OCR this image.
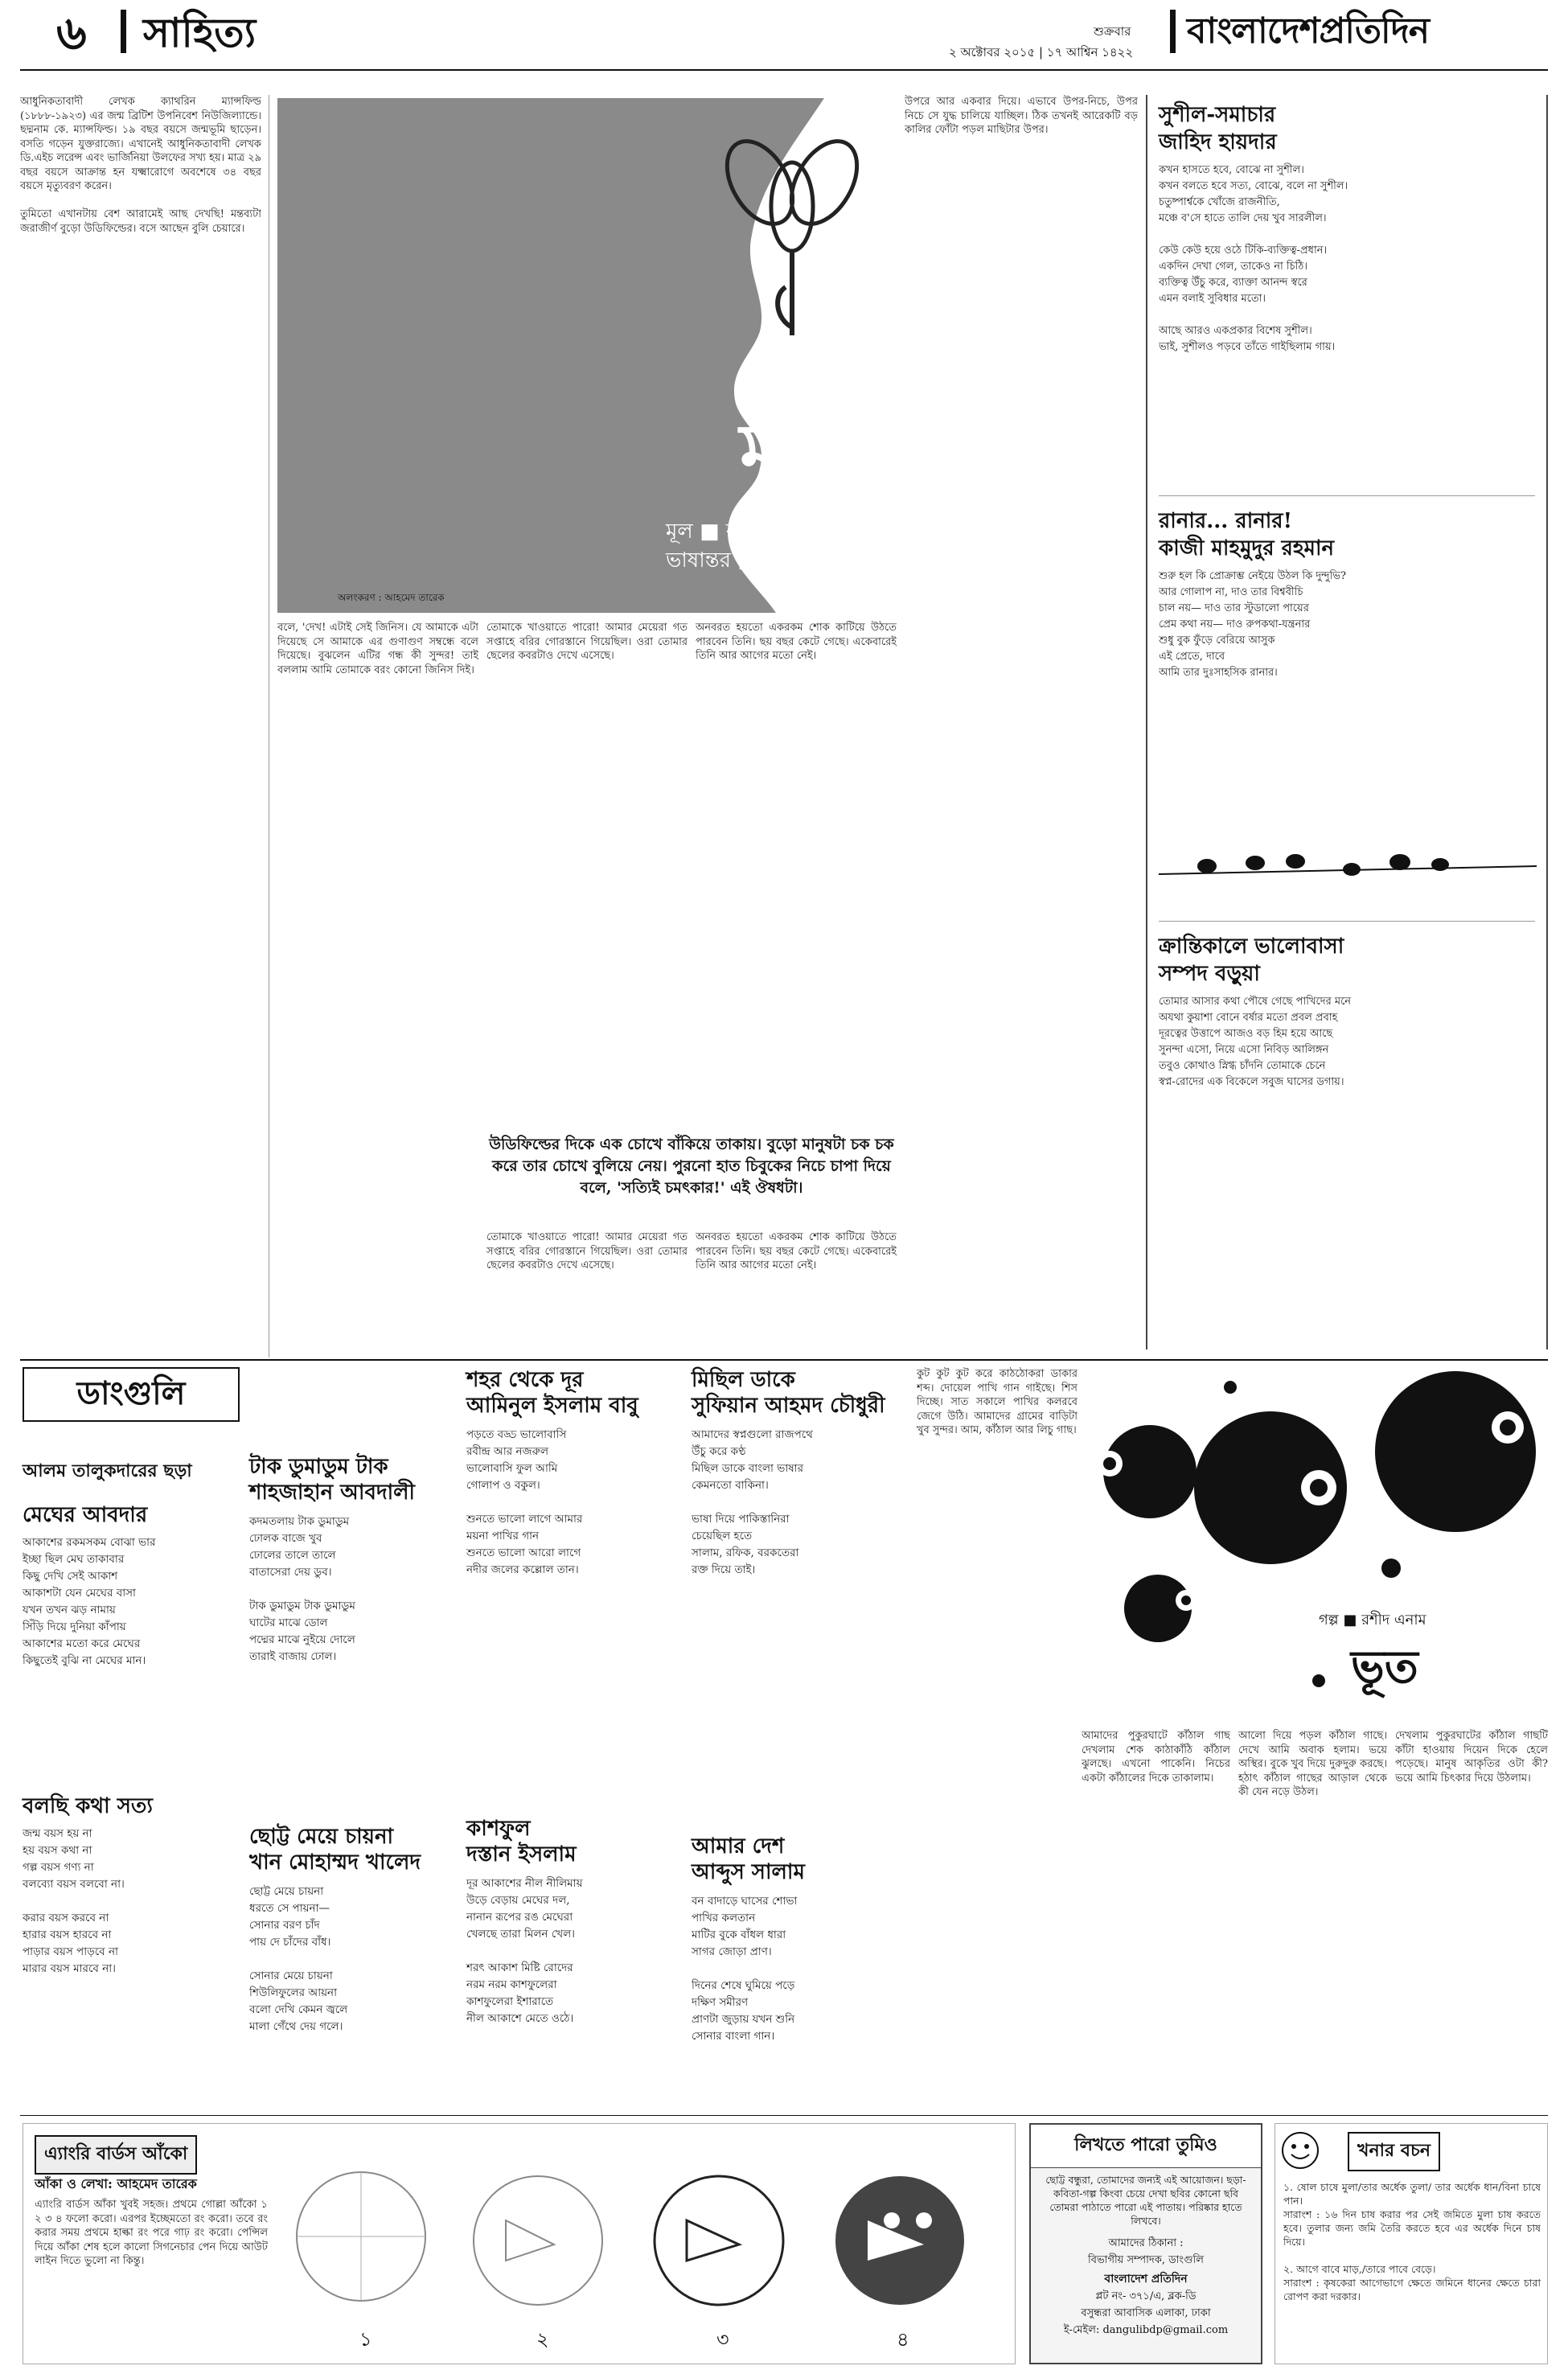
৬ সাহিত্য	শুক্রবার
২ অক্টোবর ২০১৫ | ১৭ আশ্বিন ১৪২২
বাংলাদেশপ্রতিদিন
আধুনিকতাবাদী লেখক ক্যাথরিন ম্যান্সফিল্ড (১৮৮৮-১৯২৩) এর জন্ম ব্রিটিশ উপনিবেশ নিউজিল্যান্ডে। ছদ্মনাম কে. ম্যান্সফিল্ড। ১৯ বছর বয়সে জন্মভূমি ছাড়েন। বসতি গড়েন যুক্তরাজ্যে। এখানেই আধুনিকতাবাদী লেখক ডি.এইচ লরেন্স এবং ভার্জিনিয়া উলফের সখ্য হয়। মাত্র ২৯ বছর বয়সে আক্রান্ত হন যক্ষ্মারোগে অবশেষে ৩৪ বছর বয়সে মৃত্যুবরণ করেন।

তুমিতো এখানটায় বেশ আরামেই আছ দেখছি! মন্তব্যটা জরাজীর্ণ বুড়ো উডিফিল্ডের। বসে আছেন বুলি চেয়ারে।
মাছি
মূল ■ ক্যাথরিন ম্যান্সফিল্ড
ভাষান্তর ■ নেয়ামত উল্যাহ ভূইয়া
অলংকরণ : আহমেদ তারেক
বলে, 'দেখ! এটাই সেই জিনিস। যে আমাকে এটা দিয়েছে সে আমাকে এর গুণাগুণ সম্বন্ধে বলে দিয়েছে। বুঝলেন এটির গন্ধ কী সুন্দর! তাই বললাম আমি তোমাকে বরং কোনো জিনিস দিই।
তোমাকে খাওয়াতে পারো! আমার মেয়েরা গত সপ্তাহে বরির গোরস্তানে গিয়েছিল। ওরা তোমার ছেলের কবরটাও দেখে এসেছে।
অনবরত হয়তো একরকম শোক কাটিয়ে উঠতে পারবেন তিনি। ছয় বছর কেটে গেছে। একেবারেই তিনি আর আগের মতো নেই।
উপরে আর একবার দিয়ে। এভাবে উপর-নিচে, উপর নিচে সে যুদ্ধ চালিয়ে যাচ্ছিল। ঠিক তখনই আরেকটি বড় কালির ফোঁটা পড়ল মাছিটার উপর।
উডিফিল্ডের দিকে এক চোখে বাঁকিয়ে তাকায়। বুড়ো মানুষটা চক চক করে তার চোখে বুলিয়ে নেয়। পুরনো হাত চিবুকের নিচে চাপা দিয়ে বলে, 'সত্যিই চমৎকার!' এই ঔষধটা।
তোমাকে খাওয়াতে পারো! আমার মেয়েরা গত সপ্তাহে বরির গোরস্তানে গিয়েছিল। ওরা তোমার ছেলের কবরটাও দেখে এসেছে।
অনবরত হয়তো একরকম শোক কাটিয়ে উঠতে পারবেন তিনি। ছয় বছর কেটে গেছে। একেবারেই তিনি আর আগের মতো নেই।
সুশীল-সমাচার
জাহিদ হায়দার
কখন হাসতে হবে, বোঝে না সুশীল।
কখন বলতে হবে সত্য, বোঝে, বলে না সুশীল।
চতুষ্পার্শ্বকে খোঁজে রাজনীতি,
মঞ্চে ব'সে হাতে তালি দেয় খুব সারলীল।

কেউ কেউ হয়ে ওঠে টিকি-ব্যক্তিত্ব-প্রধান।
একদিন দেখা গেল, তাকেও না চিঠি।
ব্যক্তিত্ব উঁচু করে, ব্যাক্তা আনন্দ স্বরে
এমন বলাই সুবিধার মতো।

আছে আরও একপ্রকার বিশেষ সুশীল।
ভাই, সুশীলও পড়বে তাঁতে গাইছিলাম গায়।
রানার... রানার!
কাজী মাহমুদুর রহমান
শুরু হল কি প্রোক্রাম্ভ নেইয়ে উঠল কি দুন্দুভি?
আর গোলাপ না, দাও তার বিশ্ববীচি
চাল নয়— দাও তার স্টুডালো পায়ের
প্রেম কথা নয়— দাও রুপকথা-যন্ত্রনার
শুধু বুক ফুঁড়ে বেরিয়ে আসুক
এই প্রেতে, দাবে
আমি তার দুঃসাহসিক রানার।
ক্রান্তিকালে ভালোবাসা
সম্পদ বড়ুয়া
তোমার আসার কথা পৌষে গেছে পাখিদের মনে
অযথা কুয়াশা বোনে বর্ষার মতো প্রবল প্রবাহ
দূরত্বের উত্তাপে আজও বড় হিম হয়ে আছে
সুনন্দা এসো, নিয়ে এসো নিবিড় আলিঙ্গন
তবুও কোথাও স্নিগ্ধ চাঁদনি তোমাকে চেনে
স্বপ্ন-রোদের এক বিকেলে সবুজ ঘাসের ডগায়।
ডাংগুলি
আলম তালুকদারের ছড়া
মেঘের আবদার
আকাশের রকমসকম বোঝা ভার
ইচ্ছা ছিল মেঘ তাকাবার
কিছু দেখি সেই আকাশ
আকাশটা যেন মেঘের বাসা
যখন তখন ঝড় নামায়
সিঁড়ি দিয়ে দুনিয়া কাঁপায়
আকাশের মতো করে মেঘের
কিছুতেই বুঝি না মেঘের মান।
বলছি কথা সত্য
জন্ম বয়স হয় না
হয় বয়স কথা না
গল্প বয়স গণ্য না
বলব্যো বয়স বলবো না।

করার বয়স করবে না
হারার বয়স হারবে না
পাড়ার বয়স পাড়বে না
মারার বয়স মারবে না।
টাক ডুমাডুম টাক
শাহজাহান আবদালী
কদমতলায় টাক ডুমাডুম
ঢোলক বাজে খুব
ঢোলের তালে তালে
বাতাসেরা দেয় ডুব।

টাক ডুমাডুম টাক ডুমাডুম
ঘাটের মাঝে ডোল
পদ্মের মাঝে নুইয়ে দোলে
তারাই বাজায় ঢোল।
ছোট্ট মেয়ে চায়না
খান মোহাম্মদ খালেদ
ছোট্ট মেয়ে চায়না
ধরতে সে পায়না—
সোনার বরণ চাঁদ
পায় দে চাঁদের বাঁধ।

সোনার মেয়ে চায়না
শিউলিফুলের আয়না
বলো দেখি কেমন জ্বলে
মালা গেঁথে দেয় গলে।
শহর থেকে দূর
আমিনুল ইসলাম বাবু
পড়তে বড্ড ভালোবাসি
রবীন্দ্র আর নজরুল
ভালোবাসি ফুল আমি
গোলাপ ও বকুল।

শুনতে ভালো লাগে আমার
ময়না পাখির গান
শুনতে ভালো আরো লাগে
নদীর জলের কল্লোল তান।
কাশফুল
দস্তান ইসলাম
দূর আকাশের নীল নীলিমায়
উড়ে বেড়ায় মেঘের দল,
নানান রূপের রঙ মেঘেরা
খেলছে তারা মিলন খেল।

শরৎ আকাশ মিষ্টি রোদের
নরম নরম কাশফুলেরা
কাশফুলেরা ইশারাতে
নীল আকাশে মেতে ওঠে।
মিছিল ডাকে
সুফিয়ান আহমদ চৌধুরী
আমাদের স্বপ্নগুলো রাজপথে
উঁচু করে কণ্ঠ
মিছিল ডাকে বাংলা ভাষার
কেমনতো বাকিনা।

ভাষা দিয়ে পাকিস্তানিরা
চেয়েছিল হতে
সালাম, রফিক, বরকতেরা
রক্ত দিয়ে তাই।
আমার দেশ
আব্দুস সালাম
বন বাদাড়ে ঘাসের শোভা
পাখির কলতান
মাটির বুকে বাঁধল ধারা
সাগর জোড়া প্রাণ।

দিনের শেষে ঘুমিয়ে পড়ে
দক্ষিণ সমীরণ
প্রাণটা জুড়ায় যখন শুনি
সোনার বাংলা গান।
কুট কুট কুট করে কাঠঠোকরা ডাকার শব্দ। দোয়েল পাখি গান গাইছে। শিস দিচ্ছে। সাত সকালে পাখির কলরবে জেগে উঠি। আমাদের গ্রামের বাড়িটা খুব সুন্দর। আম, কাঁঠাল আর লিচু গাছ।
গল্প ■ রশীদ এনাম
ভূত
আমাদের পুকুরঘাটে কাঁঠাল গাছ দেখলাম শেক কাঠাকাঁঠি কাঁঠাল ঝুলছে। এখনো পাকেনি। নিচের একটা কাঁঠালের দিকে তাকালাম।
আলো দিয়ে পড়ল কাঁঠাল গাছে। দেখে আমি অবাক হলাম। ভয়ে অস্থির। বুকে খুব দিয়ে দুরুদুরু করছে। হঠাৎ কাঁঠাল গাছের আড়াল থেকে কী যেন নড়ে উঠল।
দেখলাম পুকুরঘাটের কাঁঠাল গাছটি কাঁটা হাওয়ায় দিয়েন দিকে হেলে পড়েছে। মানুষ আকৃতির ওটা কী? ভয়ে আমি চিৎকার দিয়ে উঠলাম।
এ্যাংরি বার্ডস আঁকো
আঁকা ও লেখা: আহমেদ তারেক
এ্যাংরি বার্ডস আঁকা খুবই সহজ। প্রথমে গোল্লা আঁকো ১ ২ ৩ ৪ ফলো করো। এরপর ইচ্ছেমতো রং করো। তবে রং করার সময় প্রথমে হাল্কা রং পরে গাঢ় রং করো। পেন্সিল দিয়ে আঁকা শেষ হলে কালো সিগনেচার পেন দিয়ে আউট লাইন দিতে ভুলো না কিন্তু।
১	২	৩	৪
লিখতে পারো তুমিও
ছোট্ট বন্ধুরা, তোমাদের জন্যই এই আয়োজন। ছড়া-কবিতা-গল্প কিংবা চেয়ে দেখা ছবির কোনো ছবি তোমরা পাঠাতে পারো এই পাতায়। পরিষ্কার হাতে লিখবে।
আমাদের ঠিকানা :
বিভাগীয় সম্পাদক, ডাংগুলি
বাংলাদেশ প্রতিদিন
প্লট নং- ৩৭১/এ, ব্লক-ডি
বসুন্ধরা আবাসিক এলাকা, ঢাকা
ই-মেইল: dangulibdp@gmail.com
খনার বচন
১. ষোল চাষে মুলা/তার অর্ধেক তুলা/ তার অর্ধেক ধান/বিনা চাষে পান।
সারাংশ : ১৬ দিন চাষ করার পর সেই জমিতে মুলা চাষ করতে হবে। তুলার জন্য জমি তৈরি করতে হবে এর অর্ধেক দিনে চাষ দিয়ে।

২. আগে বাবে মাড়,/তারে পাবে বেড়ে।
সারাংশ : কৃষকেরা আগেভাগে ক্ষেতে জমিনে ধানের ক্ষেতে চারা রোপণ করা দরকার।
